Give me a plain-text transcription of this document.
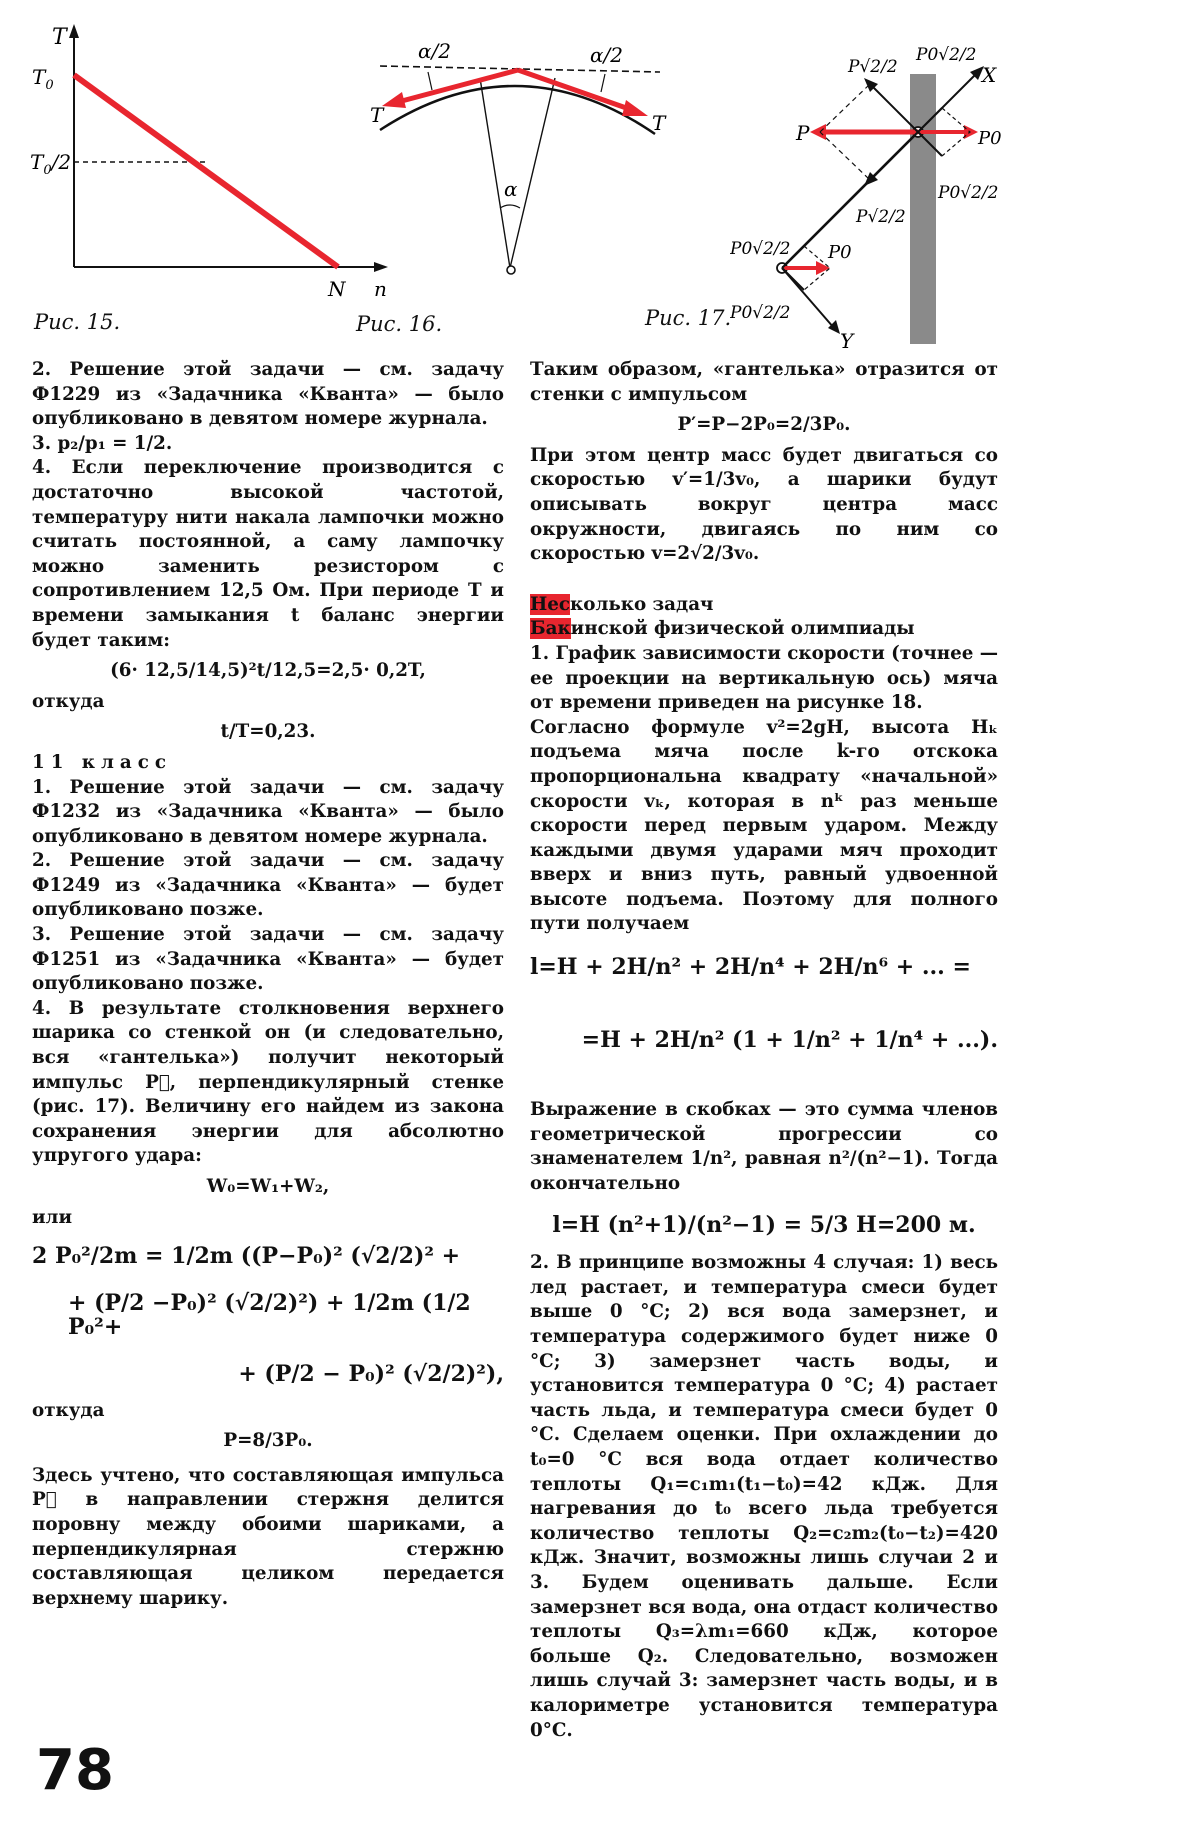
T
$T_0$
$T_0/2$
N n
Рис. 15.
α/2	α/2
T	T
α
Рис. 16.
P√2/2
P0√2/2
X
P	P0
P√2/2
P0√2/2
P0√2/2 P0
P0√2/2
Y
Рис. 17.

2. Решение этой задачи — см. задачу Ф1229 из «Задачника «Кванта» — было опубликовано в девятом номере журнала.

3. p₂/p₁ = 1/2.

4. Если переключение производится с достаточно высокой частотой, температуру нити накала лампочки можно считать постоянной, а саму лампочку можно заменить резистором с сопротивлением 12,5 Ом. При периоде T и времени замыкания t баланс энергии будет таким:

(6· 12,5/14,5)²t/12,5=2,5· 0,2T,

откуда

t/T=0,23.

11 класс

1. Решение этой задачи — см. задачу Ф1232 из «Задачника «Кванта» — было опубликовано в девятом номере журнала.

2. Решение этой задачи — см. задачу Ф1249 из «Задачника «Кванта» — будет опубликовано позже.

3. Решение этой задачи — см. задачу Ф1251 из «Задачника «Кванта» — будет опубликовано позже.

4. В результате столкновения верхнего шарика со стенкой он (и следовательно, вся «гантелька») получит некоторый импульс P⃗, перпендикулярный стенке (рис. 17). Величину его найдем из закона сохранения энергии для абсолютно упругого удара:

W₀=W₁+W₂,

или

2 P₀²/2m = 1/2m ((P−P₀)² (√2/2)² +

+ (P/2 −P₀)² (√2/2)²) + 1/2m (1/2 P₀²+

+ (P/2 − P₀)² (√2/2)²),

откуда

P=8/3P₀.

Здесь учтено, что составляющая импульса P⃗ в направлении стержня делится поровну между обоими шариками, а перпендикулярная стержню составляющая целиком передается верхнему шарику.

Таким образом, «гантелька» отразится от стенки с импульсом

P′=P−2P₀=2/3P₀.

При этом центр масс будет двигаться со скоростью v′=1/3v₀, а шарики будут описывать вокруг центра масс окружности, двигаясь по ним со скоростью v=2√2/3v₀.

Несколько задач
Бакинской физической олимпиады

1. График зависимости скорости (точнее — ее проекции на вертикальную ось) мяча от времени приведен на рисунке 18.

Согласно формуле v²=2gH, высота Hₖ подъема мяча после k-го отскока пропорциональна квадрату «начальной» скорости vₖ, которая в nᵏ раз меньше скорости перед первым ударом. Между каждыми двумя ударами мяч проходит вверх и вниз путь, равный удвоенной высоте подъема. Поэтому для полного пути получаем

l=H + 2H/n² + 2H/n⁴ + 2H/n⁶ + ... =

=H + 2H/n² (1 + 1/n² + 1/n⁴ + ...).

Выражение в скобках — это сумма членов геометрической прогрессии со знаменателем 1/n², равная n²/(n²−1). Тогда окончательно

l=H (n²+1)/(n²−1) = 5/3 H=200 м.

2. В принципе возможны 4 случая: 1) весь лед растает, и температура смеси будет выше 0 °С; 2) вся вода замерзнет, и температура содержимого будет ниже 0 °С; 3) замерзнет часть воды, и установится температура 0 °С; 4) растает часть льда, и температура смеси будет 0 °С. Сделаем оценки. При охлаждении до t₀=0 °С вся вода отдает количество теплоты Q₁=c₁m₁(t₁−t₀)=42 кДж. Для нагревания до t₀ всего льда требуется количество теплоты Q₂=c₂m₂(t₀−t₂)=420 кДж. Значит, возможны лишь случаи 2 и 3. Будем оценивать дальше. Если замерзнет вся вода, она отдаст количество теплоты Q₃=λm₁=660 кДж, которое больше Q₂. Следовательно, возможен лишь случай 3: замерзнет часть воды, и в калориметре установится температура 0°С.

78
